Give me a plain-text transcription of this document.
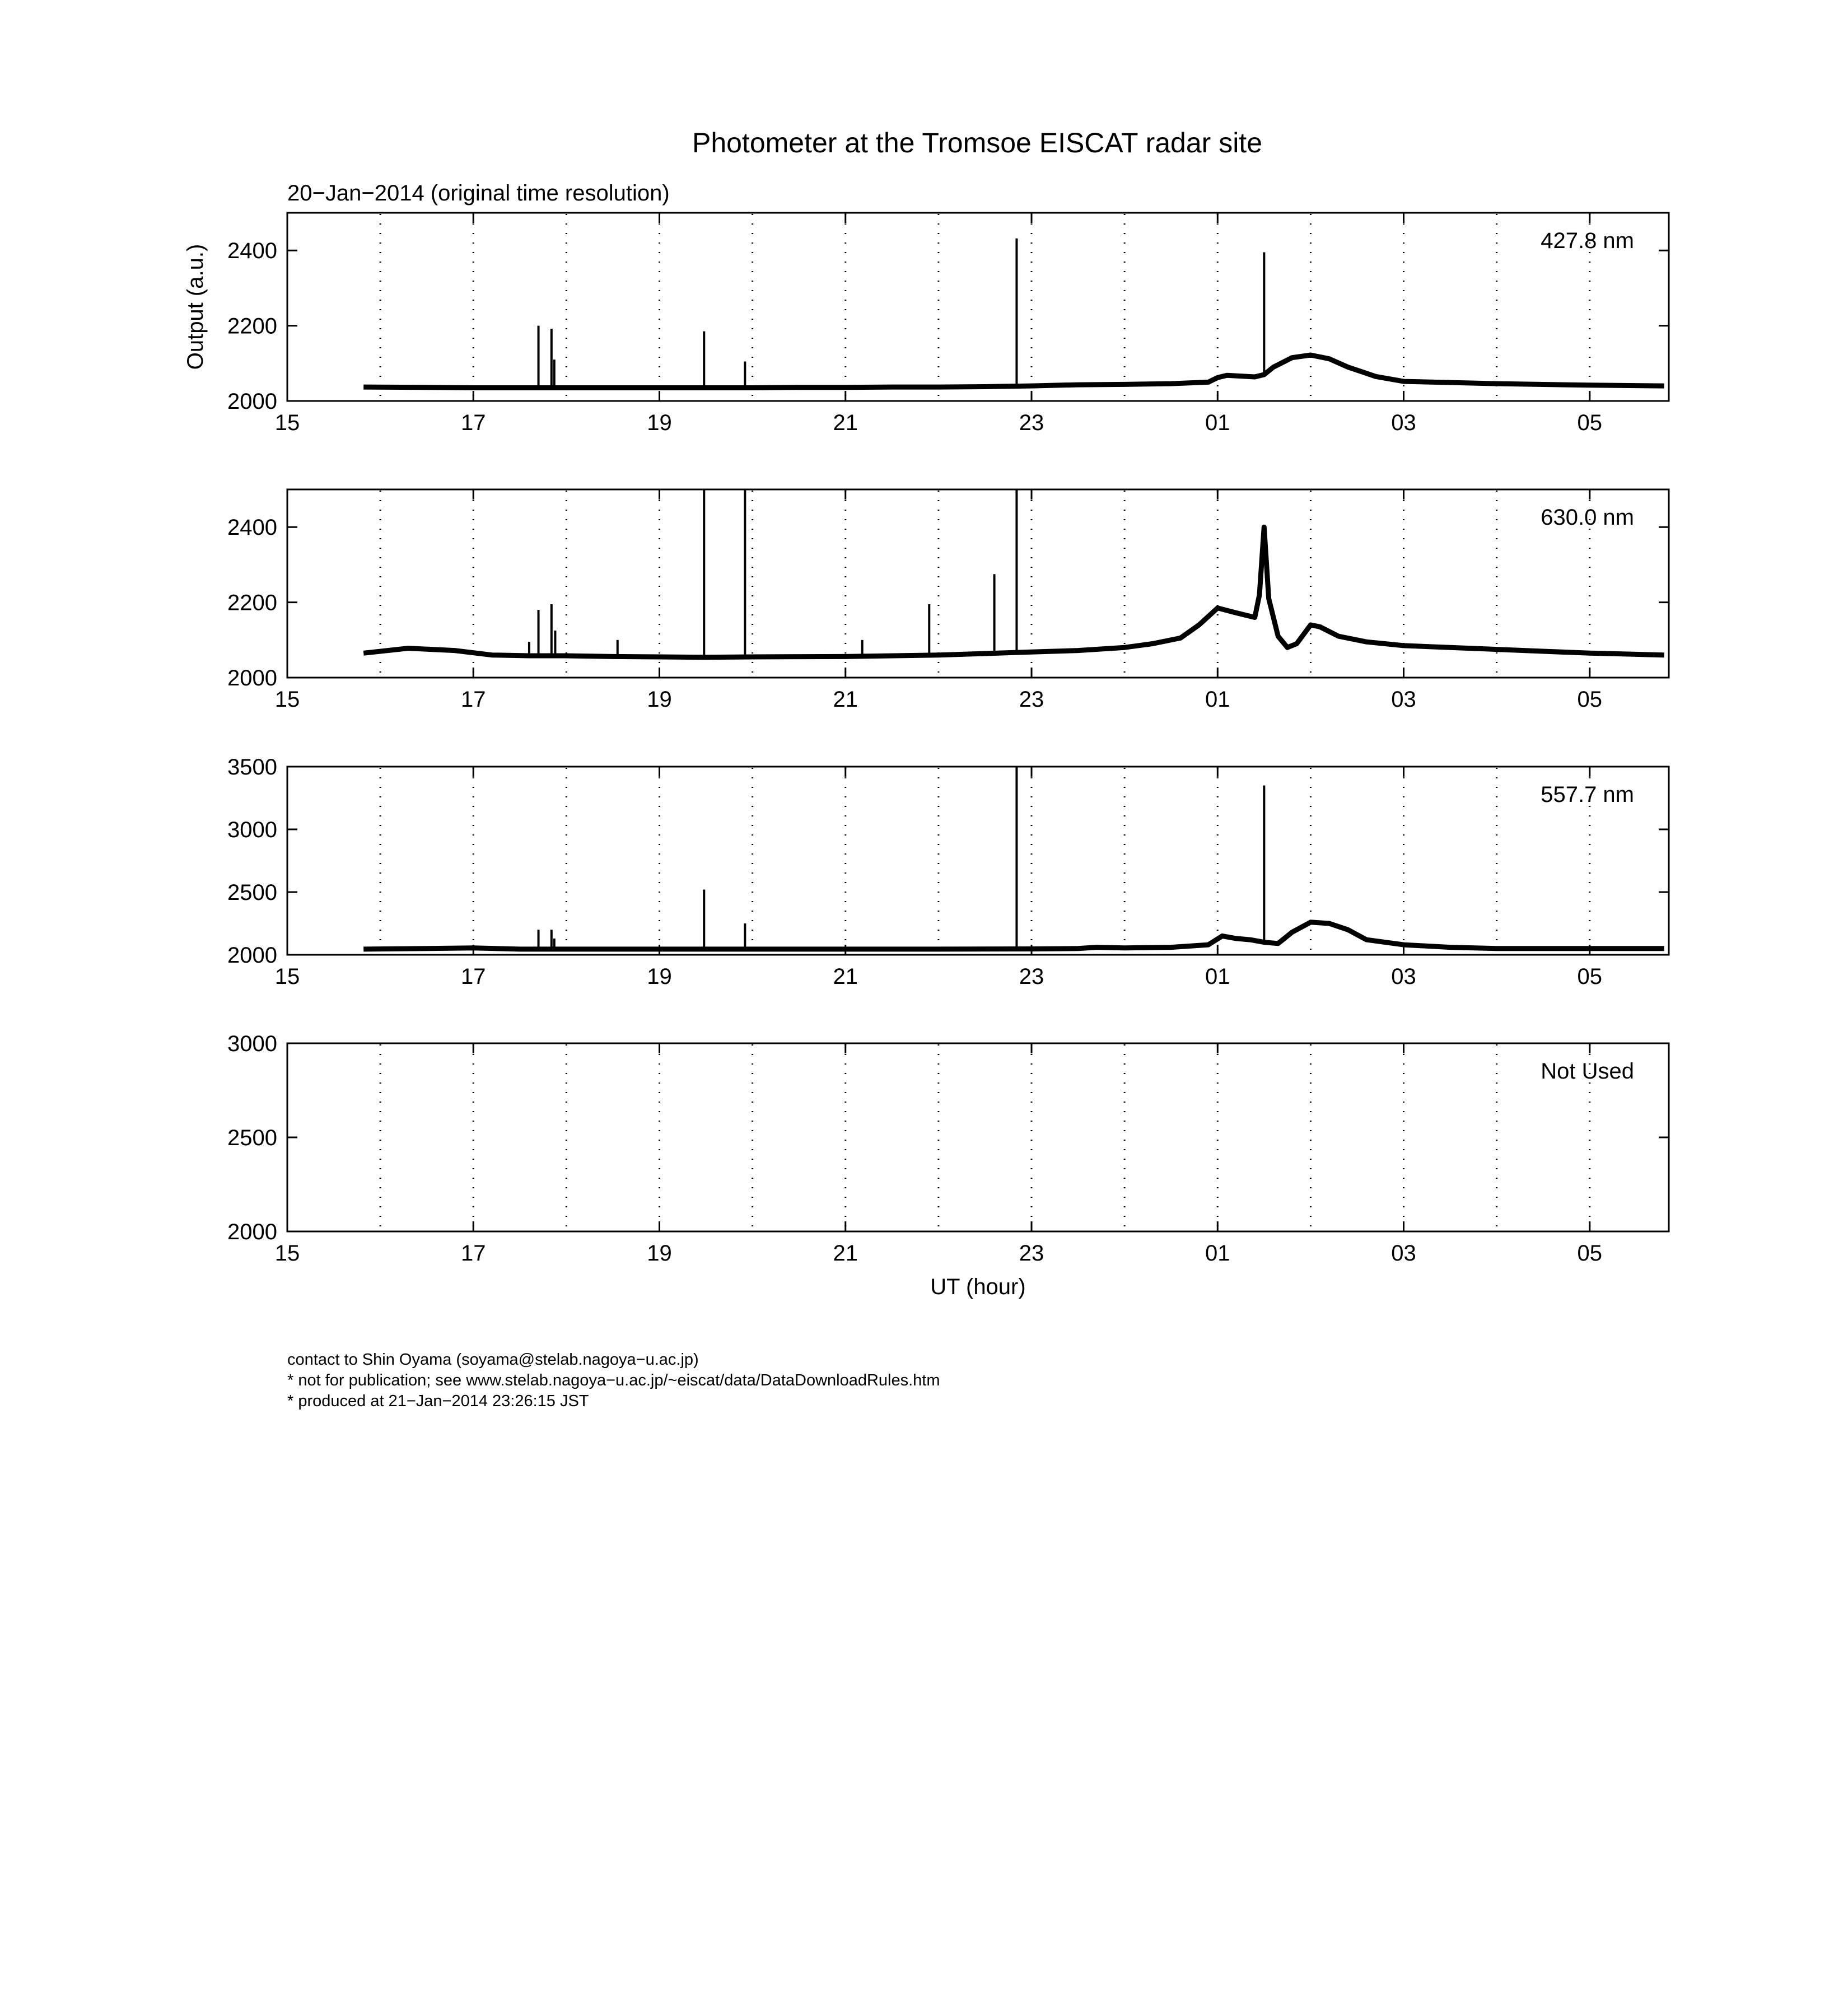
Photometer at the Tromsoe EISCAT radar site
20−Jan−2014 (original time resolution)
15	17	19	21	23	01	03	05
2000
2200
2400	427.8 nm
Output (a.u.)
15	17	19	21	23	01	03	05
2000
2200
2400	630.0 nm
15	17	19	21	23	01	03	05
2000
2500
3000
3500
557.7 nm
15	17	19	21	23	01	03	05
2000
2500
3000
Not Used
UT (hour)
contact to Shin Oyama (soyama@stelab.nagoya−u.ac.jp)
* not for publication; see www.stelab.nagoya−u.ac.jp/~eiscat/data/DataDownloadRules.htm
* produced at 21−Jan−2014 23:26:15 JST
